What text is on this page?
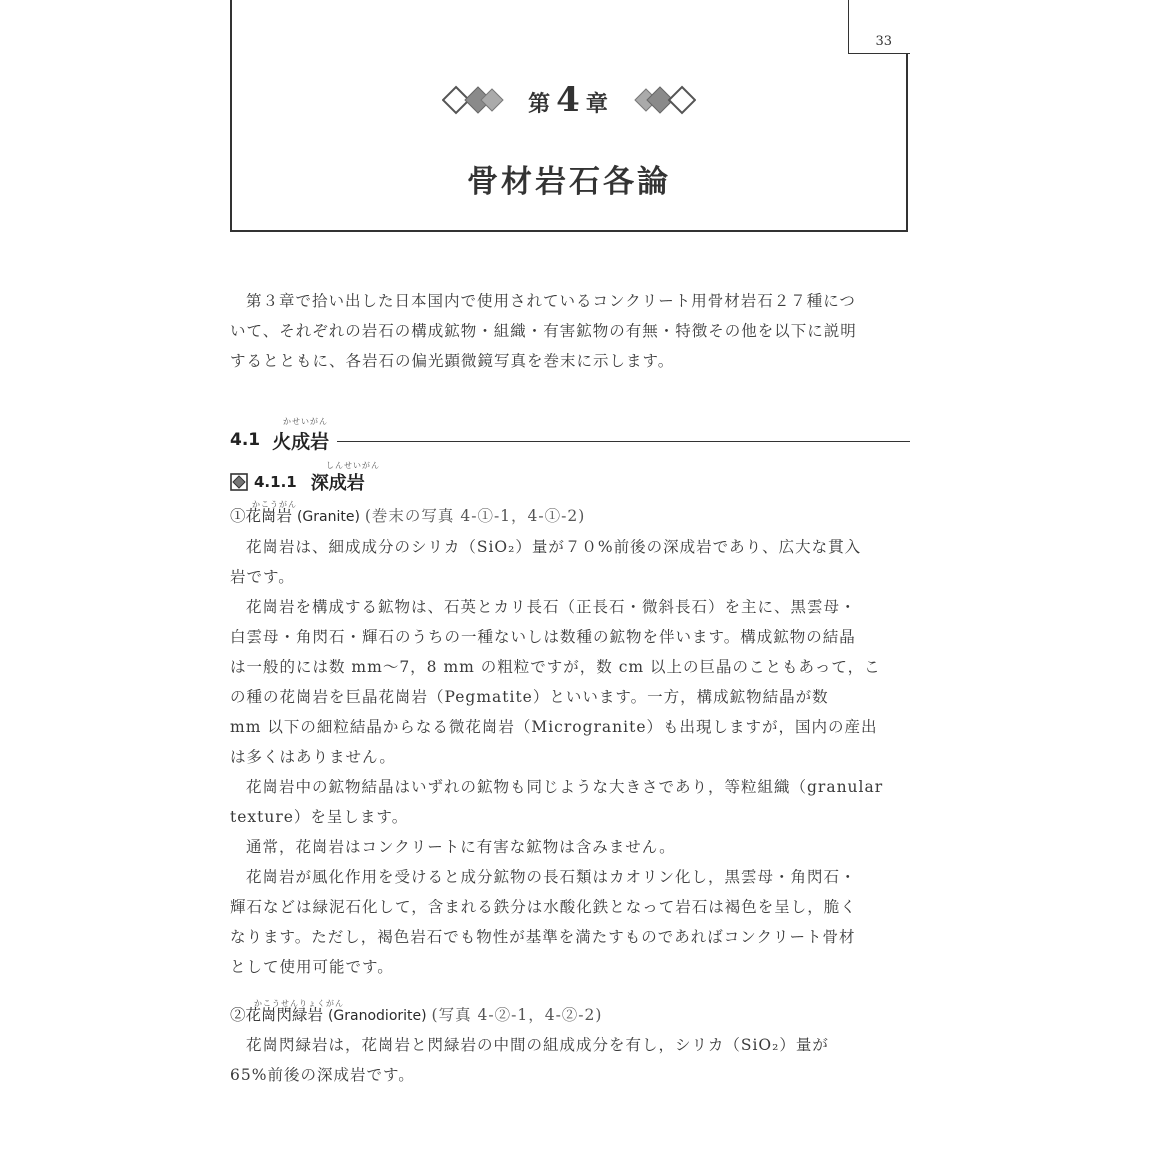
第 4 章
骨材岩石各論
33
第３章で拾い出した日本国内で使用されているコンクリート用骨材岩石２７種につ
いて、それぞれの岩石の構成鉱物・組織・有害鉱物の有無・特徴その他を以下に説明
するとともに、各岩石の偏光顕微鏡写真を巻末に示します。
かせいがん
4.1 火成岩
しんせいがん
4.1.1 深成岩
かこうがん
①花崗岩 (Granite) (巻末の写真 4-①-1，4-①-2)
花崗岩は、細成成分のシリカ（SiO₂）量が７０%前後の深成岩であり、広大な貫入
岩です。
花崗岩を構成する鉱物は、石英とカリ長石（正長石・微斜長石）を主に、黒雲母・
白雲母・角閃石・輝石のうちの一種ないしは数種の鉱物を伴います。構成鉱物の結晶
は一般的には数 mm〜7，8 mm の粗粒ですが，数 cm 以上の巨晶のこともあって，こ
の種の花崗岩を巨晶花崗岩（Pegmatite）といいます。一方，構成鉱物結晶が数
mm 以下の細粒結晶からなる微花崗岩（Microgranite）も出現しますが，国内の産出
は多くはありません。
花崗岩中の鉱物結晶はいずれの鉱物も同じような大きさであり，等粒組織（granular
texture）を呈します。
通常，花崗岩はコンクリートに有害な鉱物は含みません。
花崗岩が風化作用を受けると成分鉱物の長石類はカオリン化し，黒雲母・角閃石・
輝石などは緑泥石化して，含まれる鉄分は水酸化鉄となって岩石は褐色を呈し，脆く
なります。ただし，褐色岩石でも物性が基準を満たすものであればコンクリート骨材
として使用可能です。
かこうせんりょくがん
②花崗閃緑岩 (Granodiorite) (写真 4-②-1，4-②-2)
花崗閃緑岩は，花崗岩と閃緑岩の中間の組成成分を有し，シリカ（SiO₂）量が
65%前後の深成岩です。
